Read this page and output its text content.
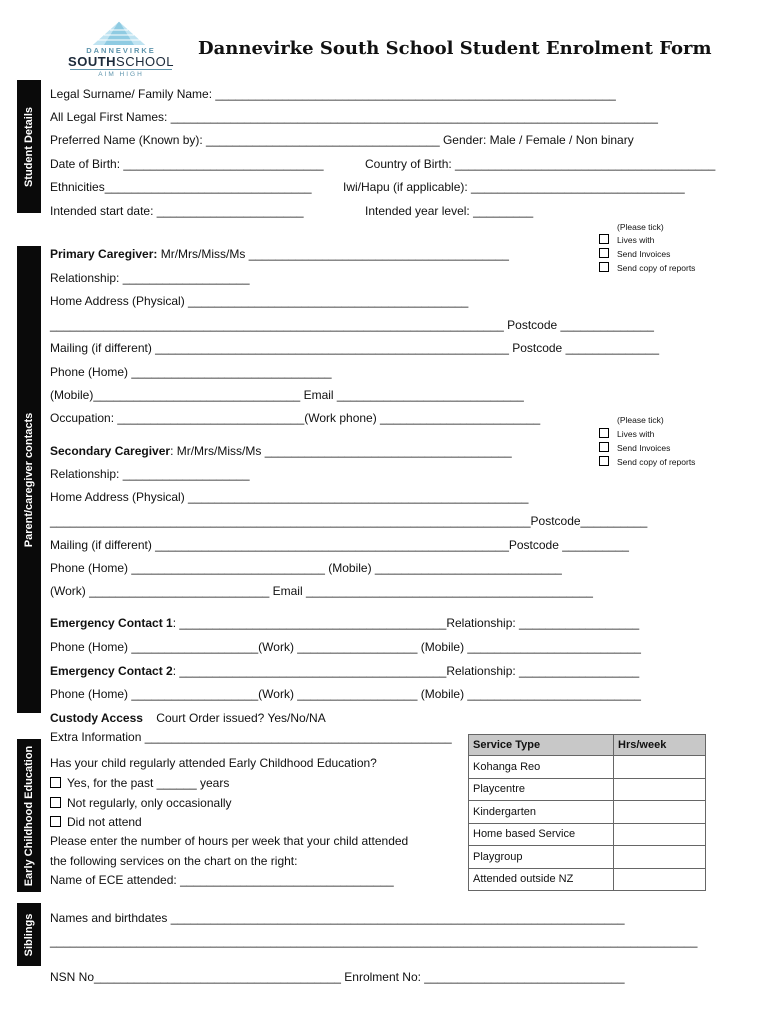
DANNEVIRKE
SOUTHSCHOOL
AIM HIGH
Dannevirke South School Student Enrolment Form
Student Details
Parent/caregiver contacts
Early Childhood Education
Siblings
Legal Surname/ Family Name: ____________________________________________________________
All Legal First Names: _________________________________________________________________________
Preferred Name (Known by): ___________________________________ Gender: Male / Female / Non binary
Date of Birth: ______________________________	Country of Birth: _______________________________________
Ethnicities_______________________________	Iwi/Hapu (if applicable): ________________________________
Intended start date: ______________________	Intended year level: _________
(Please tick)
Lives with
Send Invoices
Send copy of reports
Primary Caregiver: Mr/Mrs/Miss/Ms _______________________________________
Relationship: ___________________
Home Address (Physical) __________________________________________
____________________________________________________________________ Postcode ______________
Mailing (if different) _____________________________________________________ Postcode ______________
Phone (Home) ______________________________
(Mobile)_______________________________ Email ____________________________
Occupation: ____________________________(Work phone) ________________________	(Please tick)
Lives with
Send Invoices
Send copy of reports
Secondary Caregiver: Mr/Mrs/Miss/Ms _____________________________________
Relationship: ___________________
Home Address (Physical) ___________________________________________________
________________________________________________________________________Postcode__________
Mailing (if different) _____________________________________________________Postcode __________
Phone (Home) _____________________________ (Mobile) ____________________________
(Work) ___________________________ Email ___________________________________________
Emergency Contact 1: ________________________________________Relationship: __________________
Phone (Home) ___________________(Work) __________________ (Mobile) __________________________
Emergency Contact 2: ________________________________________Relationship: __________________
Phone (Home) ___________________(Work) __________________ (Mobile) __________________________
Custody Access    Court Order issued? Yes/No/NA
Extra Information ______________________________________________
Has your child regularly attended Early Childhood Education?
Yes, for the past ______ years
Not regularly, only occasionally
Did not attend
Please enter the number of hours per week that your child attended
the following services on the chart on the right:
Name of ECE attended: ________________________________
Service Type	Hrs/week
Kohanga Reo	
Playcentre	
Kindergarten	
Home based Service	
Playgroup	
Attended outside NZ	
Names and birthdates ____________________________________________________________________
_________________________________________________________________________________________________
NSN No_____________________________________ Enrolment No: ______________________________
